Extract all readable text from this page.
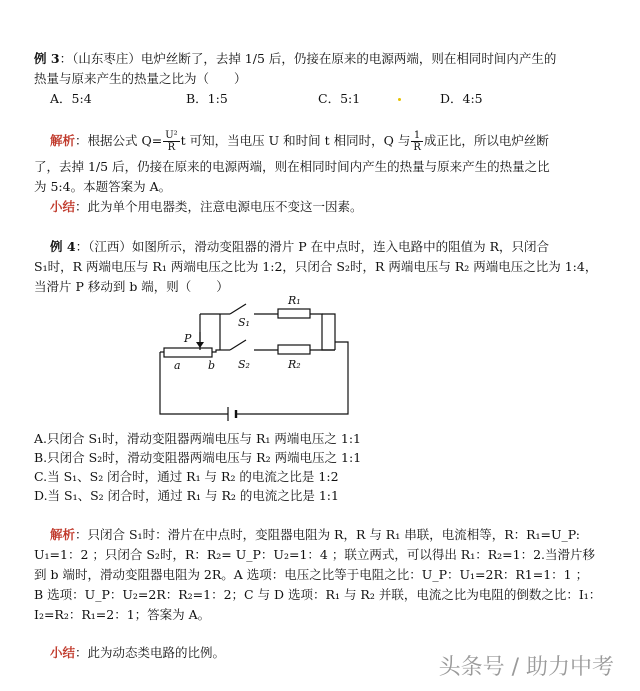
例 3：（山东枣庄）电炉丝断了，去掉 1/5 后，仍接在原来的电源两端，则在相同时间内产生的
热量与原来产生的热量之比为（　　）
A．5:4	B．1:5	C．5:1	D．4:5
解析：根据公式 $Q= \frac{\text{U²}}{R}$ t 可知，当电压 U 和时间 t 相同时，Q 与 $\frac{1}{R}$ 成正比，所以电炉丝断
了，去掉 1/5 后，仍接在原来的电源两端，则在相同时间内产生的热量与原来产生的热量之比
为 5:4。本题答案为 A。
小结：此为单个用电器类，注意电源电压不变这一因素。
例 4：（江西）如图所示，滑动变阻器的滑片 P 在中点时，连入电路中的阻值为 R，只闭合
S₁时，R 两端电压与 R₁ 两端电压之比为 1:2，只闭合 S₂时，R 两端电压与 R₂ 两端电压之比为 1:4，
当滑片 P 移动到 b 端，则（　　）
S₁
R₁
S₂	R₂
P
a b
A.只闭合 S₁时，滑动变阻器两端电压与 R₁ 两端电压之 1:1
B.只闭合 S₂时，滑动变阻器两端电压与 R₂ 两端电压之 1:1
C.当 S₁、S₂ 闭合时，通过 R₁ 与 R₂ 的电流之比是 1:2
D.当 S₁、S₂ 闭合时，通过 R₁ 与 R₂ 的电流之比是 1:1
解析：只闭合 S₁时：滑片在中点时，变阻器电阻为 R，R 与 R₁ 串联，电流相等，R：R₁=U_P:
U₁=1：2 ；只闭合 S₂时，R：R₂= U_P：U₂=1：4 ；联立两式，可以得出 R₁：R₂=1：2.当滑片移
到 b 端时，滑动变阻器电阻为 2R。A 选项：电压之比等于电阻之比：U_P：U₁=2R：R1=1：1 ；
B 选项：U_P：U₂=2R：R₂=1：2；C 与 D 选项：R₁ 与 R₂ 并联，电流之比为电阻的倒数之比：I₁：
I₂=R₂：R₁=2：1；答案为 A。
小结：此为动态类电路的比例。
头条号 / 助力中考
